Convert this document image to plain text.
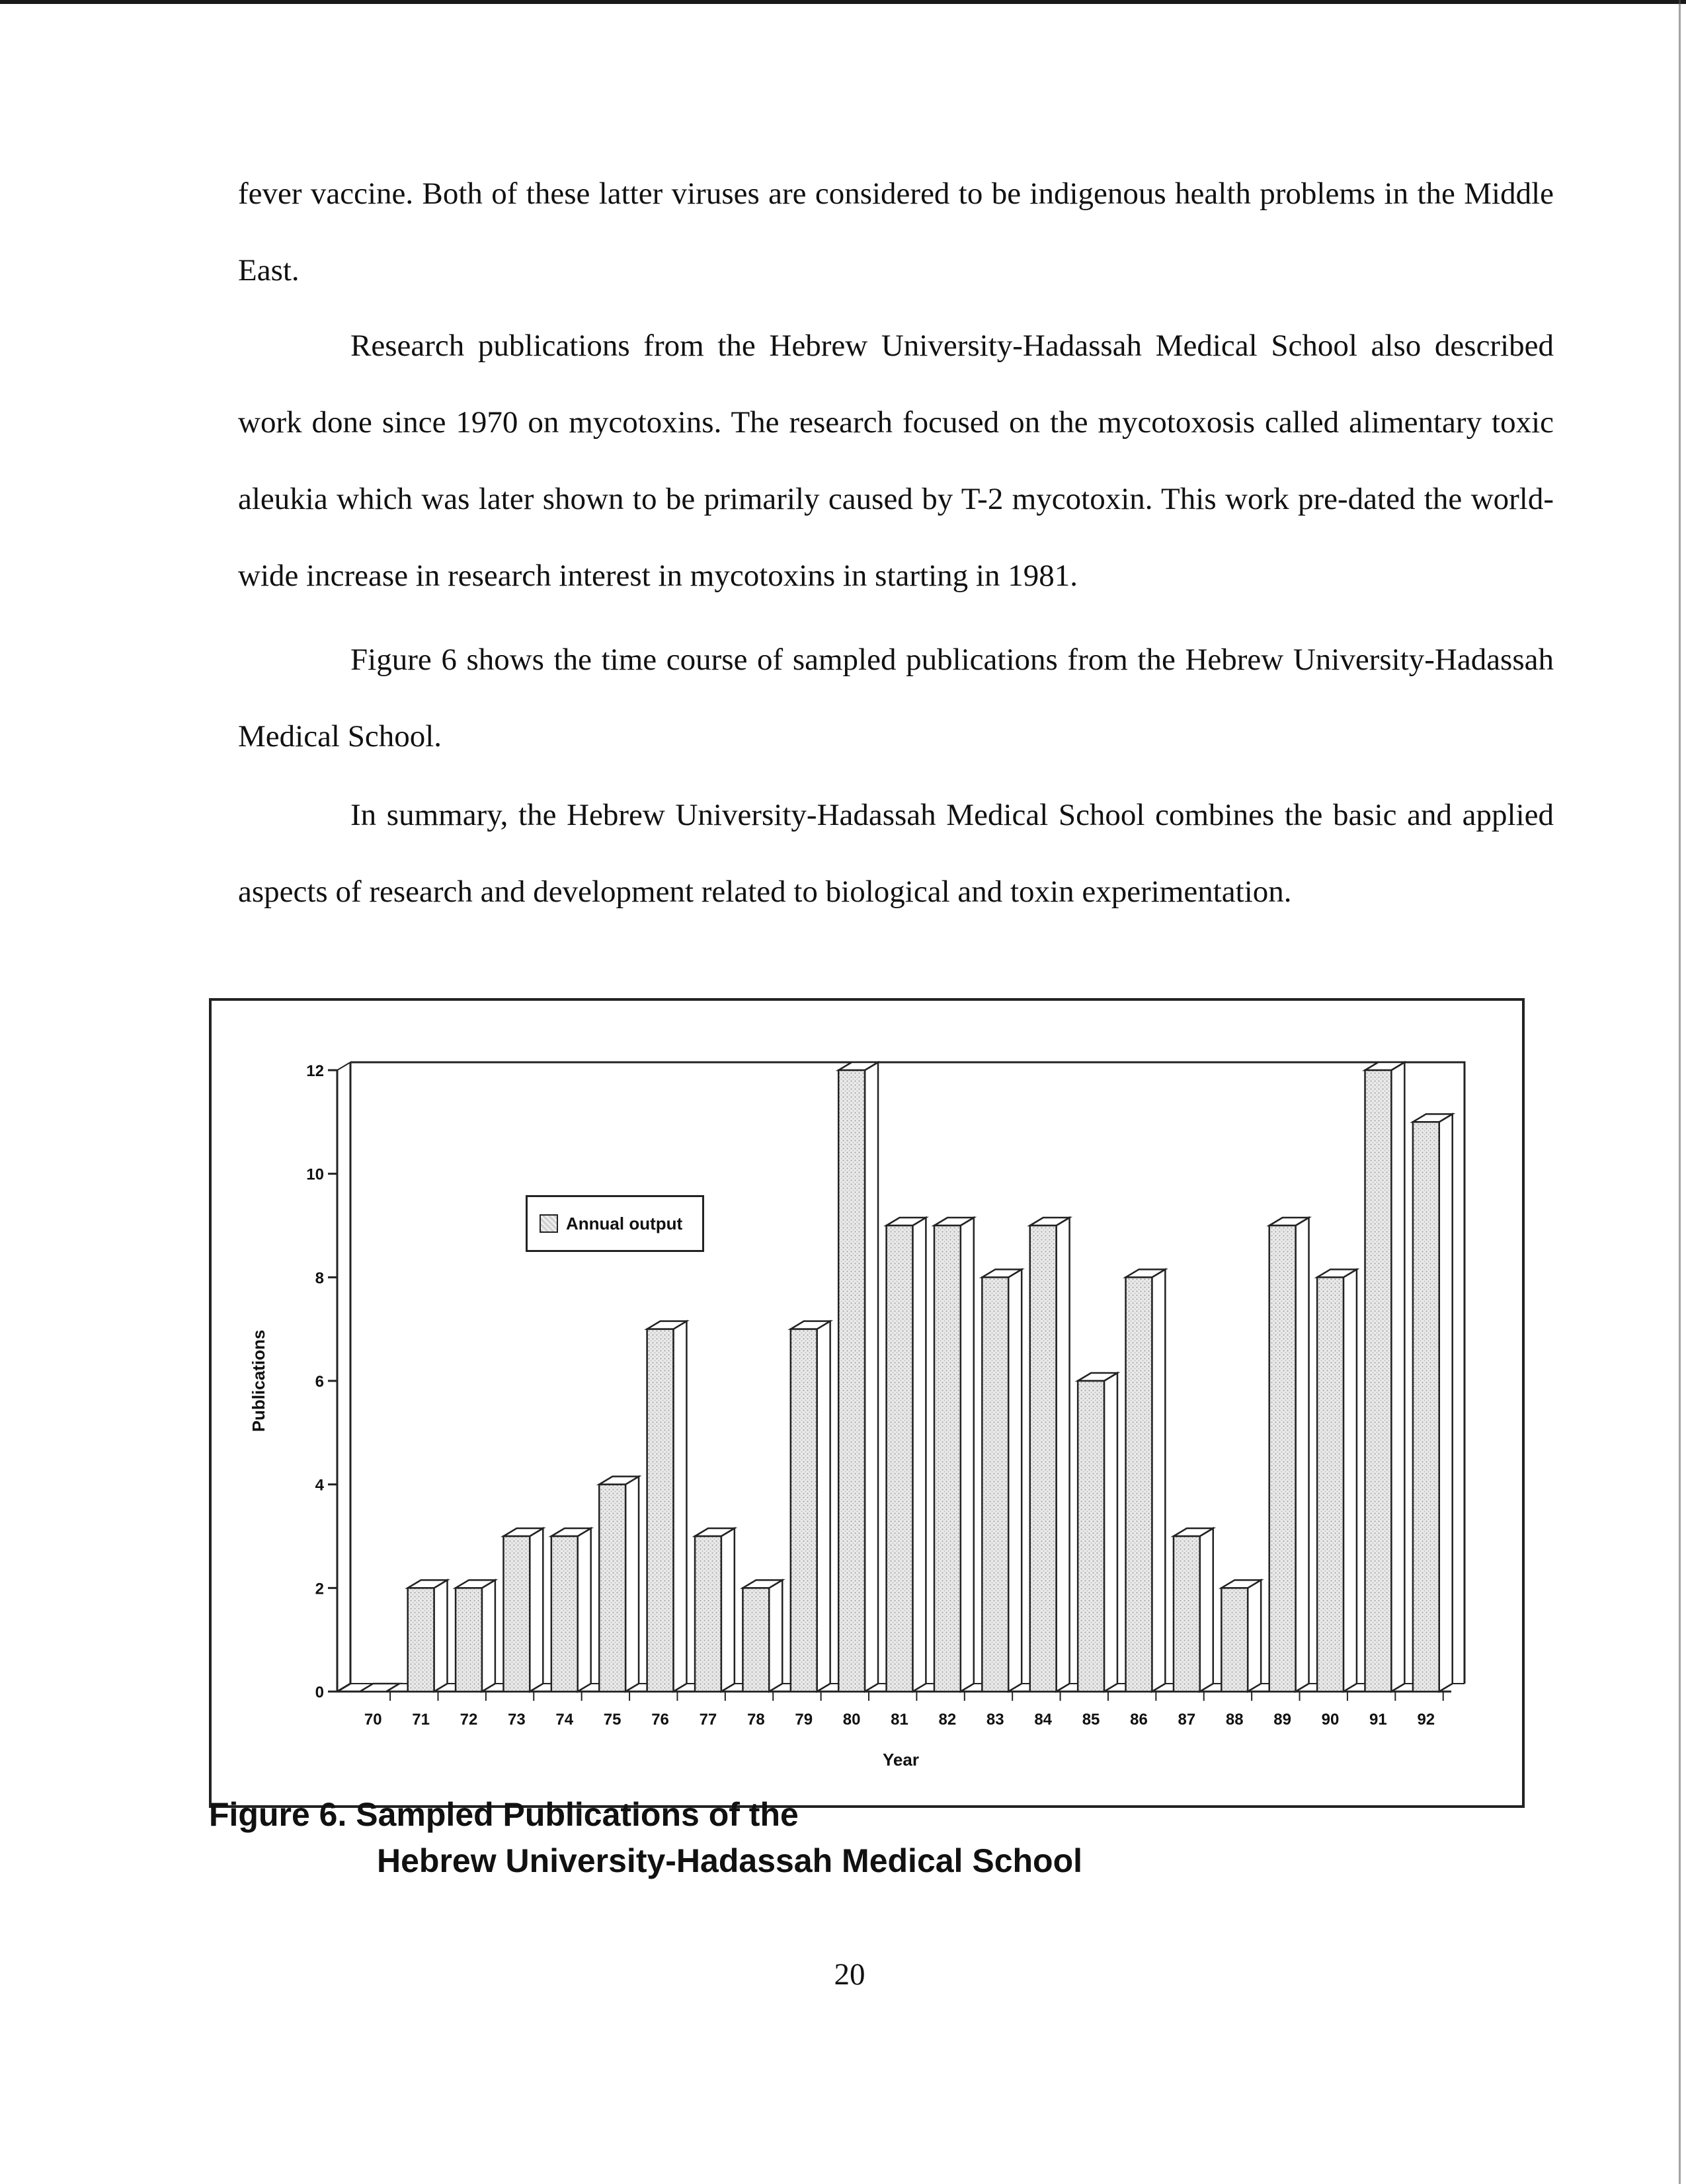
fever vaccine. Both of these latter viruses are considered to be indigenous health problems in the Middle East.

Research publications from the Hebrew University-Hadassah Medical School also described work done since 1970 on mycotoxins. The research focused on the mycotoxosis called alimentary toxic aleukia which was later shown to be primarily caused by T-2 mycotoxin. This work pre-dated the world-wide increase in research interest in mycotoxins in starting in 1981.

Figure 6 shows the time course of sampled publications from the Hebrew University-Hadassah Medical School.

In summary, the Hebrew University-Hadassah Medical School combines the basic and applied aspects of research and development related to biological and toxin experimentation.

0
2
4
6
8
10
12
70 71 72 73 74 75 76 77 78 79 80 81 82 83 84 85 86 87 88 89 90 91 92
Year
Publications
Annual output

Figure 6. Sampled Publications of the

Hebrew University-Hadassah Medical School

20
